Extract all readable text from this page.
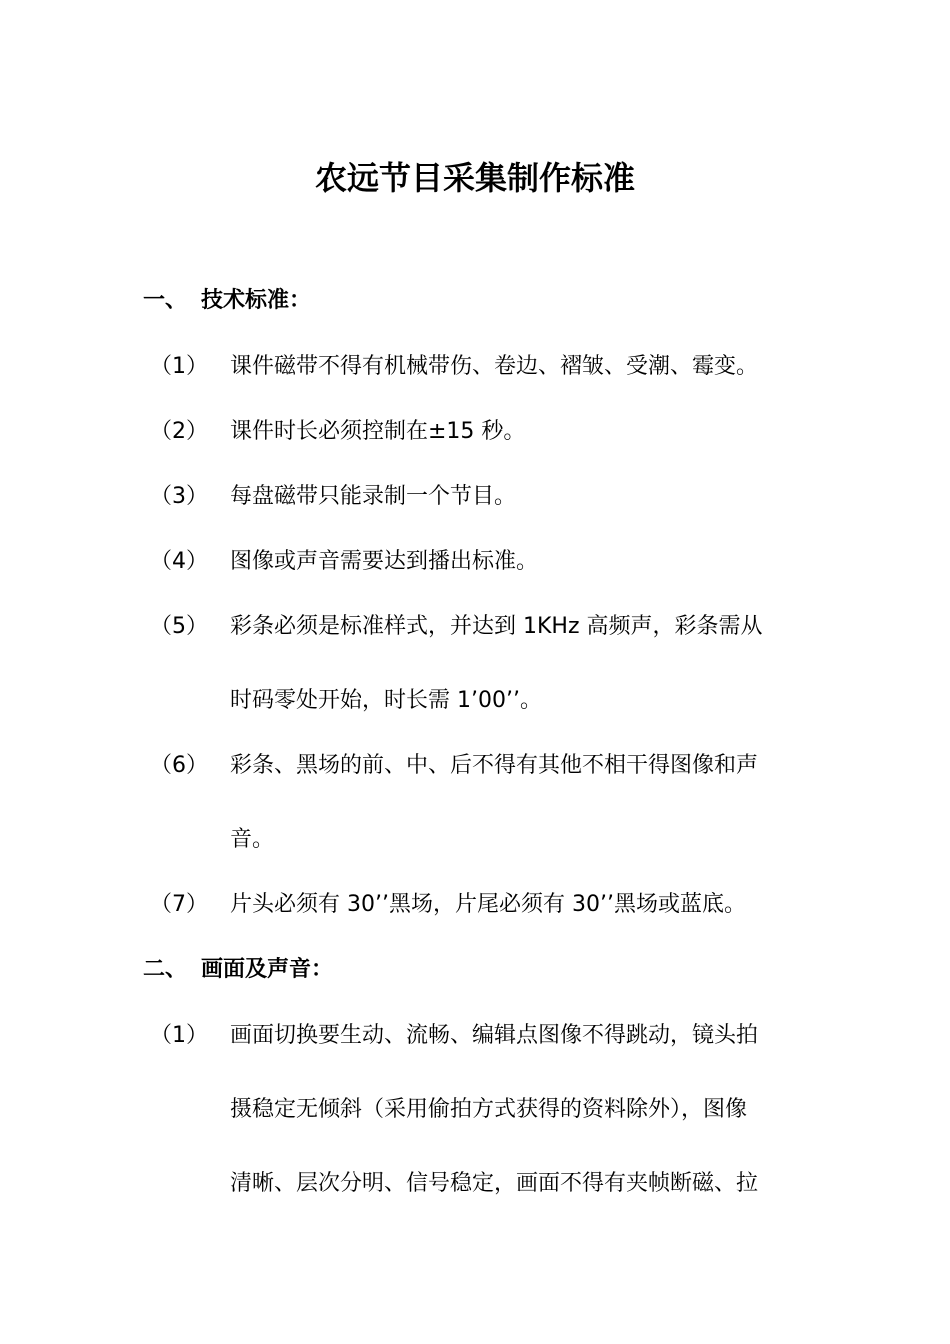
农远节目采集制作标准
一、 技术标准：
（1） 课件磁带不得有机械带伤、卷边、褶皱、受潮、霉变。
（2） 课件时长必须控制在±15 秒。
（3） 每盘磁带只能录制一个节目。
（4） 图像或声音需要达到播出标准。
（5） 彩条必须是标准样式，并达到 1KHz 高频声，彩条需从
时码零处开始，时长需 1’00’’。
（6） 彩条、黑场的前、中、后不得有其他不相干得图像和声
音。
（7） 片头必须有 30’’黑场，片尾必须有 30’’黑场或蓝底。
二、 画面及声音：
（1） 画面切换要生动、流畅、编辑点图像不得跳动，镜头拍
摄稳定无倾斜（采用偷拍方式获得的资料除外），图像
清晰、层次分明、信号稳定，画面不得有夹帧断磁、拉
